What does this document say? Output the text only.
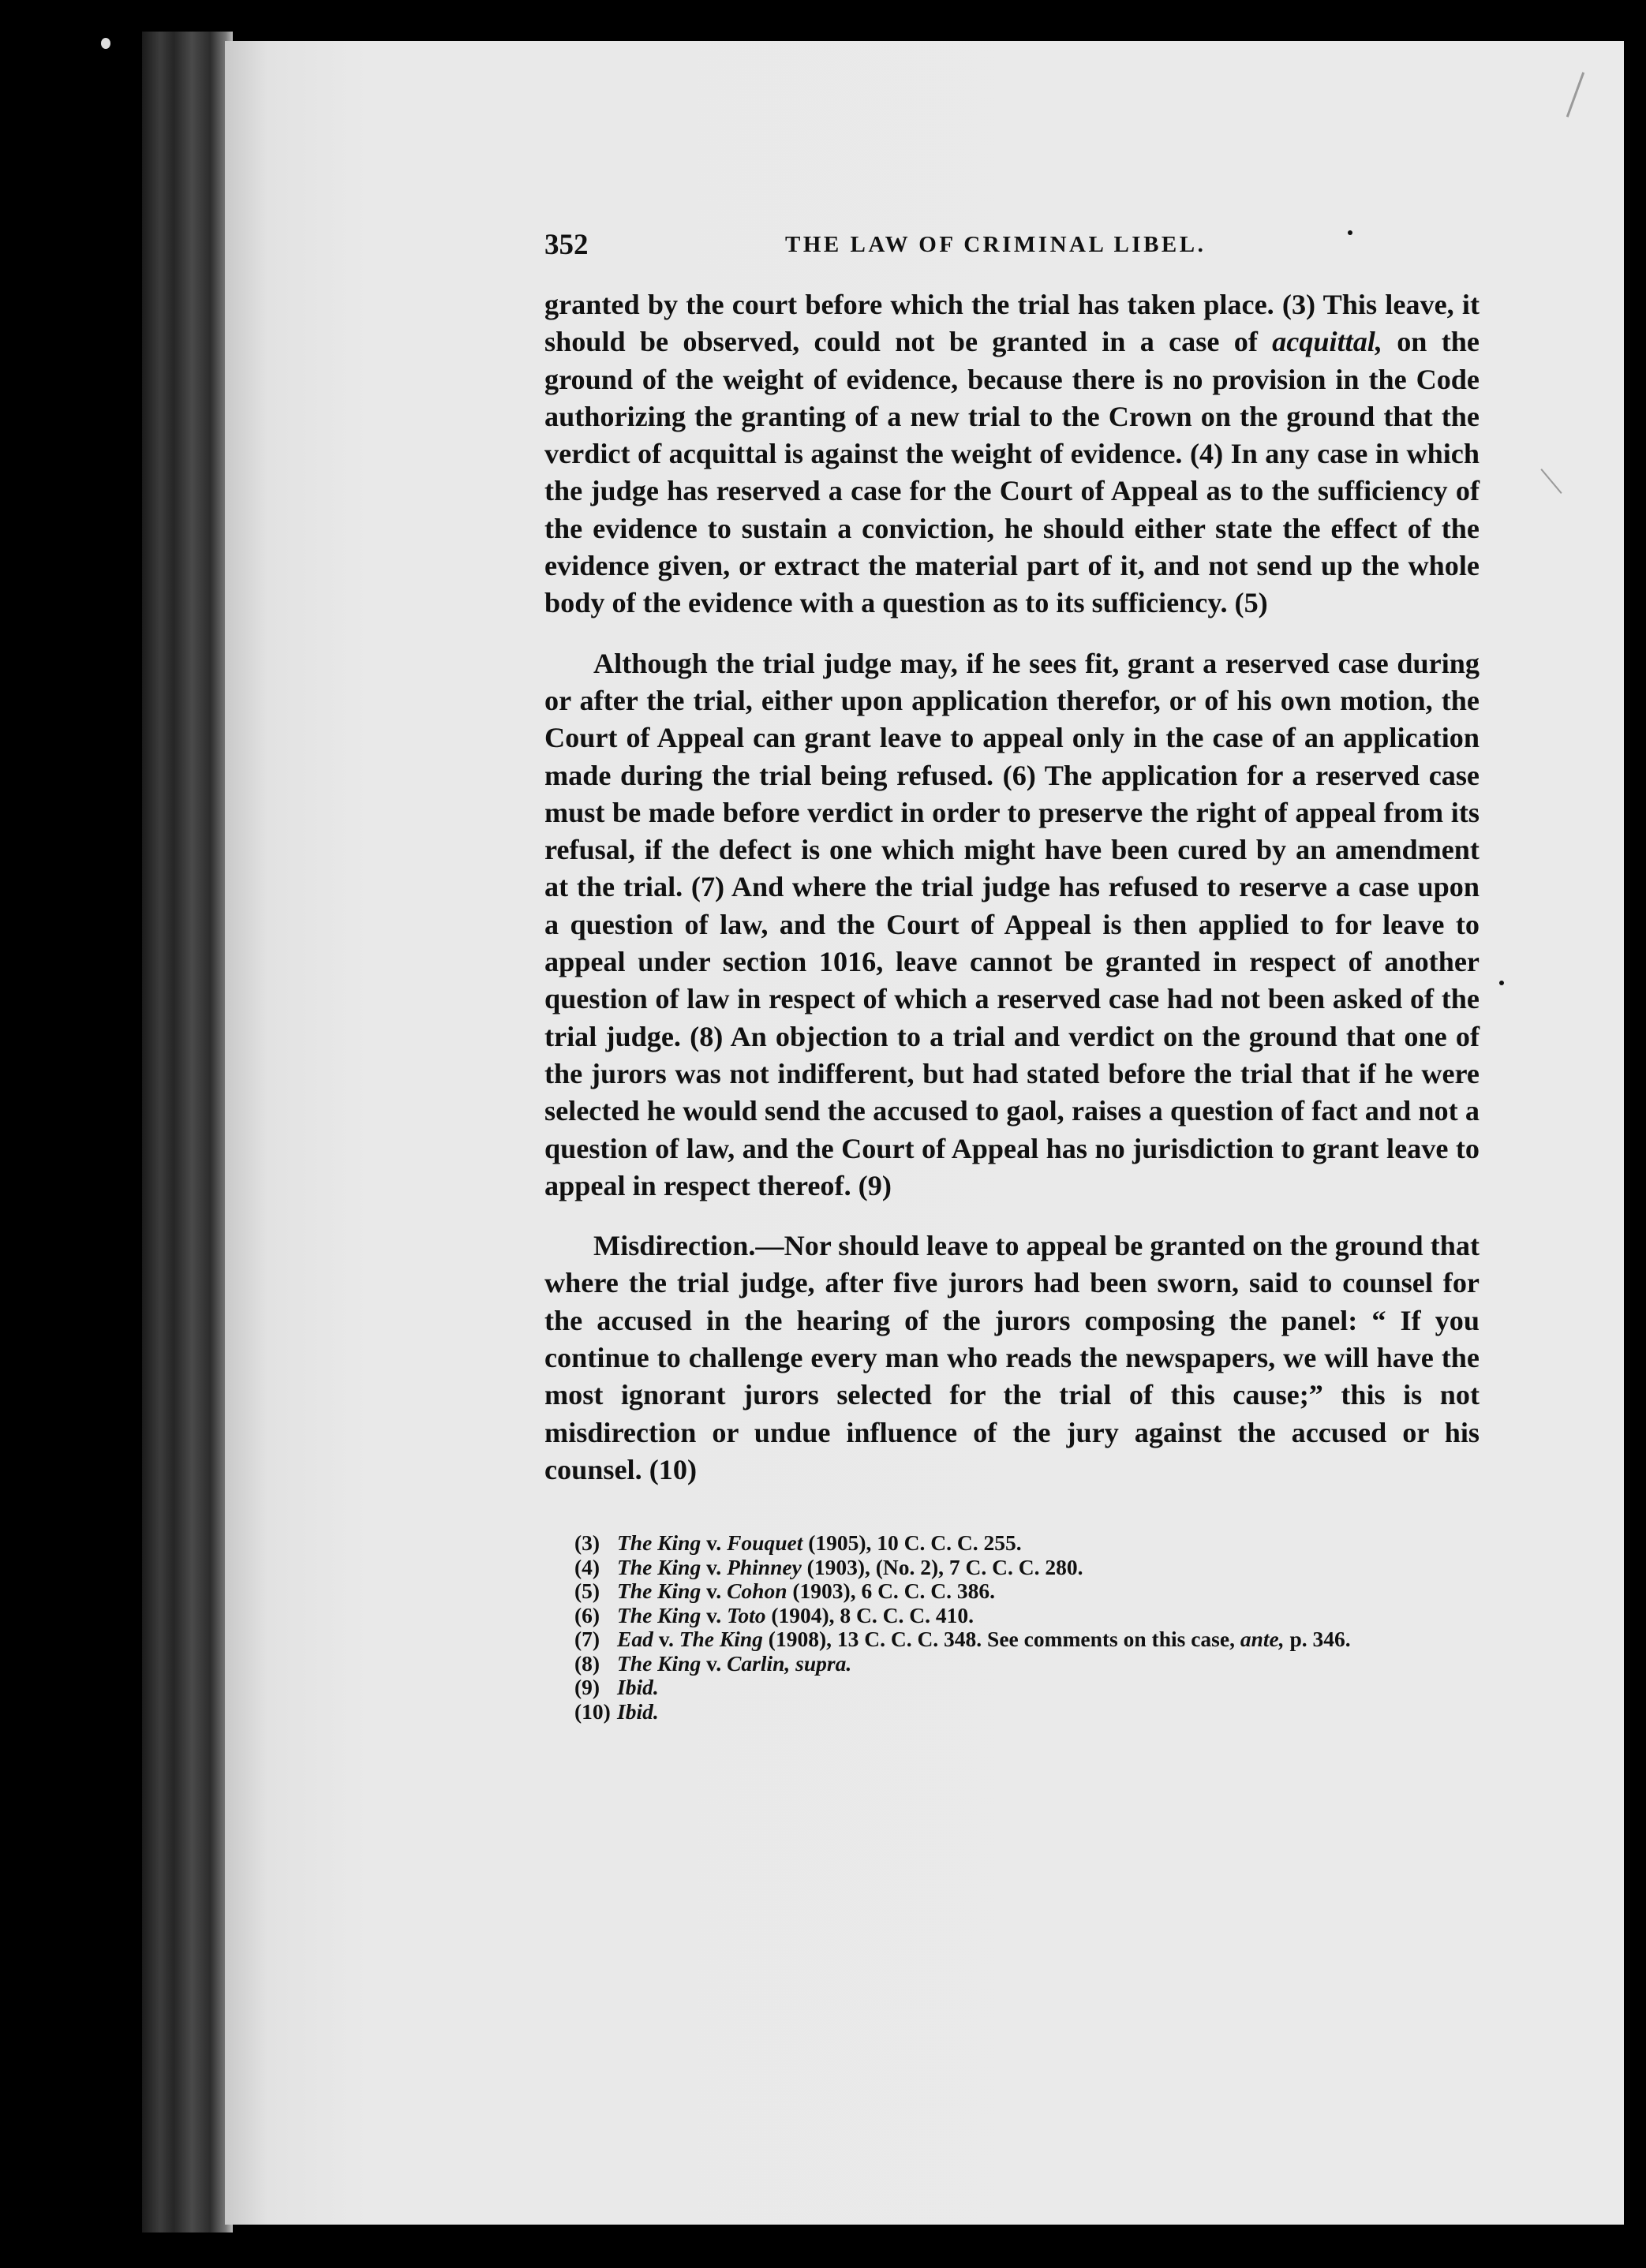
352	THE LAW OF CRIMINAL LIBEL.

granted by the court before which the trial has taken place. (3) This leave, it should be observed, could not be granted in a case of acquittal, on the ground of the weight of evidence, because there is no provision in the Code authorizing the granting of a new trial to the Crown on the ground that the verdict of acquittal is against the weight of evidence. (4) In any case in which the judge has reserved a case for the Court of Appeal as to the sufficiency of the evidence to sustain a conviction, he should either state the effect of the evidence given, or extract the material part of it, and not send up the whole body of the evidence with a question as to its sufficiency. (5)

Although the trial judge may, if he sees fit, grant a reserved case during or after the trial, either upon application therefor, or of his own motion, the Court of Appeal can grant leave to appeal only in the case of an application made during the trial being refused. (6) The application for a reserved case must be made before verdict in order to preserve the right of appeal from its refusal, if the defect is one which might have been cured by an amendment at the trial. (7) And where the trial judge has refused to reserve a case upon a question of law, and the Court of Appeal is then applied to for leave to appeal under section 1016, leave cannot be granted in respect of another question of law in respect of which a reserved case had not been asked of the trial judge. (8) An objection to a trial and verdict on the ground that one of the jurors was not indifferent, but had stated before the trial that if he were selected he would send the accused to gaol, raises a question of fact and not a question of law, and the Court of Appeal has no jurisdiction to grant leave to appeal in respect thereof. (9)

Misdirection.—Nor should leave to appeal be granted on the ground that where the trial judge, after five jurors had been sworn, said to counsel for the accused in the hearing of the jurors composing the panel: “ If you continue to challenge every man who reads the newspapers, we will have the most ignorant jurors selected for the trial of this cause;” this is not misdirection or undue influence of the jury against the accused or his counsel. (10)

(3) The King v. Fouquet (1905), 10 C. C. C. 255.
(4) The King v. Phinney (1903), (No. 2), 7 C. C. C. 280.
(5) The King v. Cohon (1903), 6 C. C. C. 386.
(6) The King v. Toto (1904), 8 C. C. C. 410.
(7) Ead v. The King (1908), 13 C. C. C. 348. See comments on this case, ante, p. 346.
(8) The King v. Carlin, supra.
(9) Ibid.
(10) Ibid.
